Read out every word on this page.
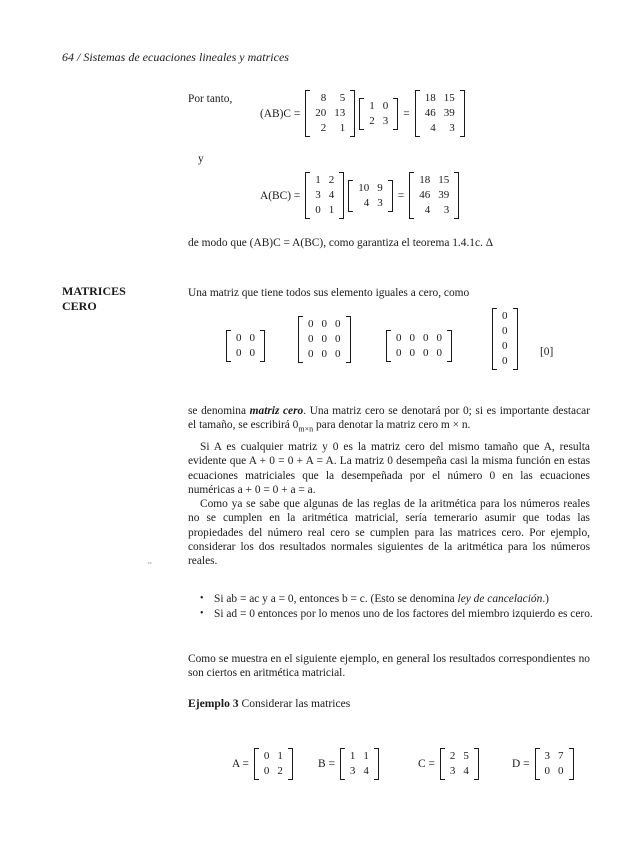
64 / Sistemas de ecuaciones lineales y matrices
Por tanto,
(AB)C =
8	5
20	13
2	1
1	0
2	3
=
18	15
46	39
4	3
y
A(BC) =
1	2
3	4
0	1
10	9
4	3
=
18	15
46	39
4	3
de modo que (AB)C = A(BC), como garantiza el teorema 1.4.1c. Δ
MATRICES
CERO
Una matriz que tiene todos sus elemento iguales a cero, como
0	0
0	0
0	0	0
0	0	0
0	0	0
0	0	0	0
0	0	0	0
0
0
0
0
[0]
se denomina matriz cero. Una matriz cero se denotará por 0; si es importante destacar el tamaño, se escribirá $0_{m\times n}$ para denotar la matriz cero m × n.
Si A es cualquier matriz y 0 es la matriz cero del mismo tamaño que A, resulta evidente que A + 0 = 0 + A = A. La matriz 0 desempeña casi la misma función en estas ecuaciones matriciales que la desempeñada por el número 0 en las ecuaciones numéricas a + 0 = 0 + a = a.
Como ya se sabe que algunas de las reglas de la aritmética para los números reales no se cumplen en la aritmética matricial, sería temerario asumir que todas las propiedades del número real cero se cumplen para las matrices cero. Por ejemplo, considerar los dos resultados normales siguientes de la aritmética para los números reales.
¨
• Si ab = ac y a = 0, entonces b = c. (Esto se denomina ley de cancelación.)
• Si ad = 0 entonces por lo menos uno de los factores del miembro izquierdo es cero.
Como se muestra en el siguiente ejemplo, en general los resultados correspondientes no son ciertos en aritmética matricial.
Ejemplo 3 Considerar las matrices
A =
0	1
0	2
B =
1	1
3	4
C =
2	5
3	4
D =
3	7
0	0
